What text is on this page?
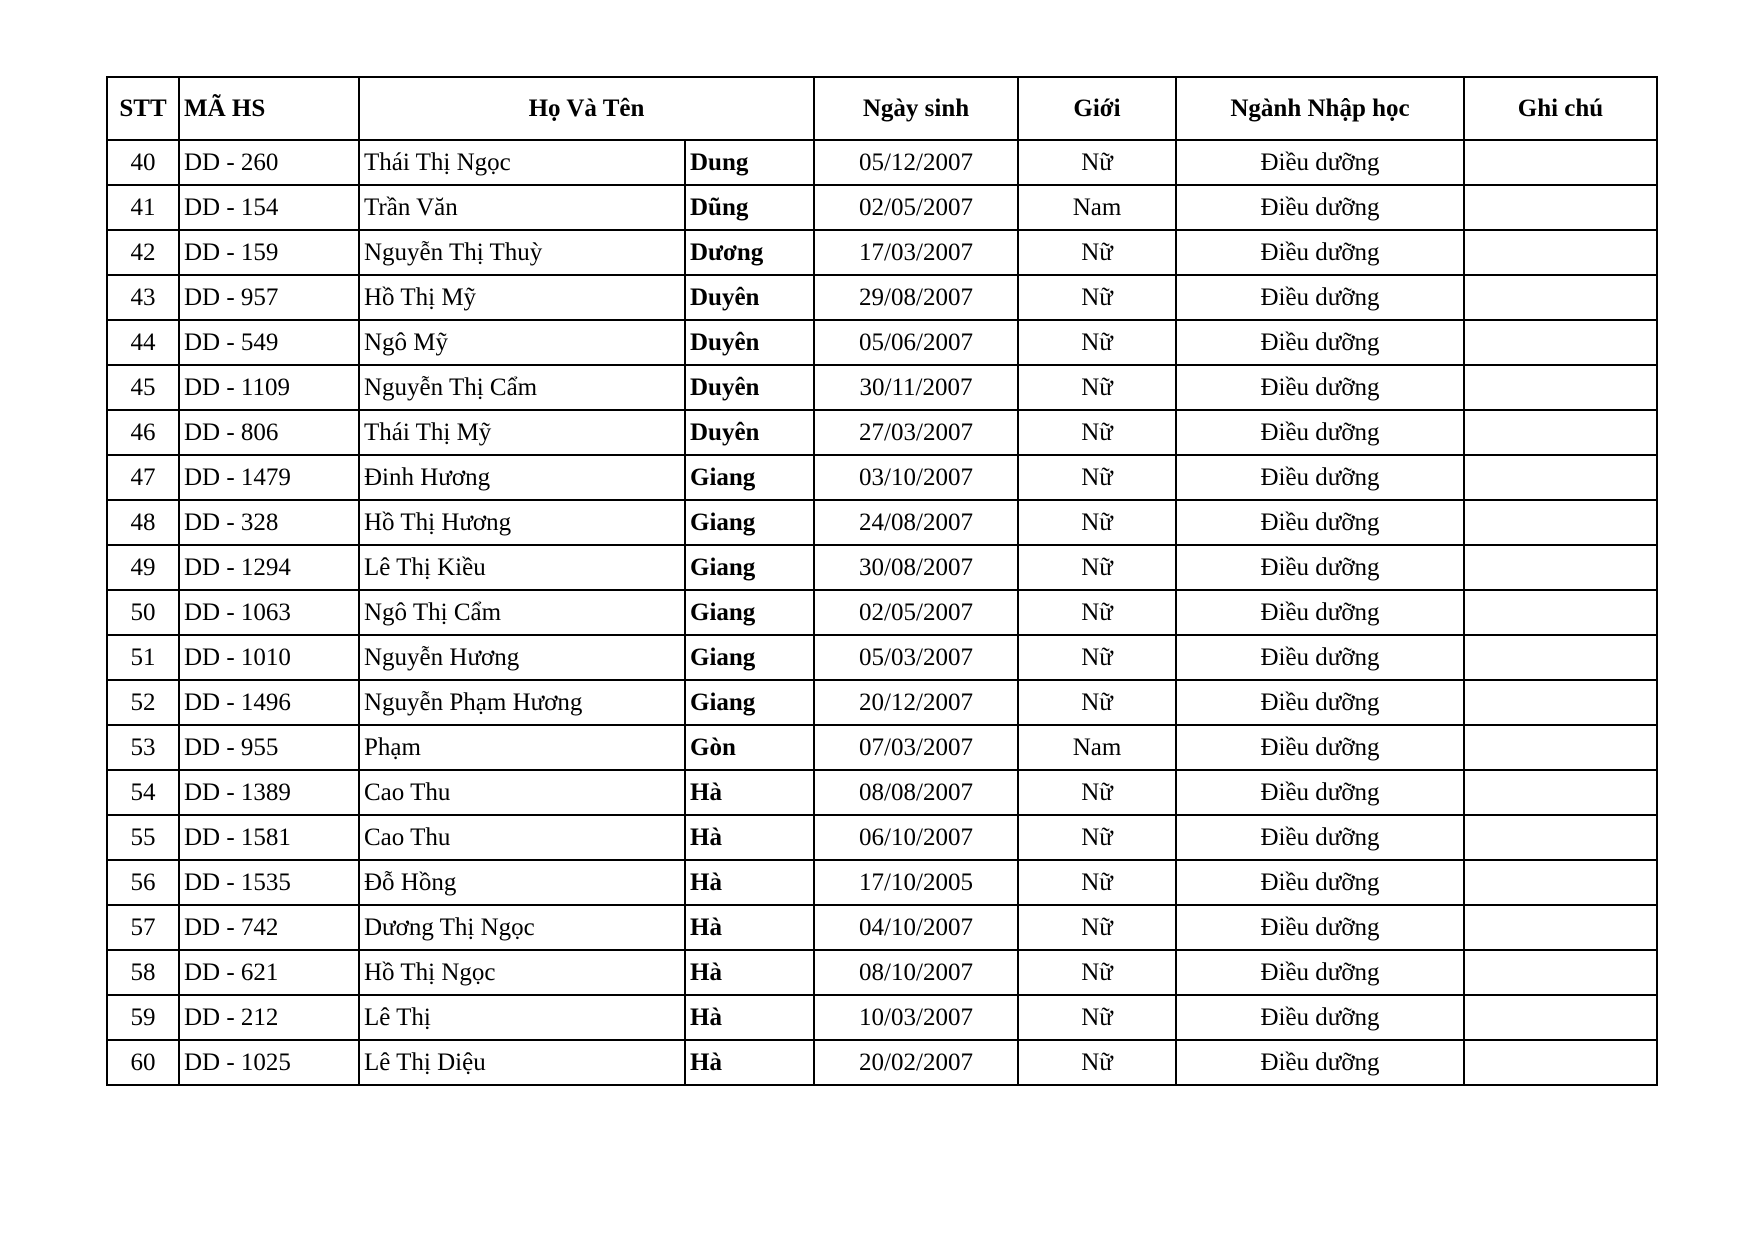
STT	MÃ HS	Họ Và Tên		Ngày sinh	Giới	Ngành Nhập học	Ghi chú
40	DD - 260	Thái Thị Ngọc	Dung	05/12/2007	Nữ	Điều dưỡng	
41	DD - 154	Trần Văn	Dũng	02/05/2007	Nam	Điều dưỡng	
42	DD - 159	Nguyễn Thị Thuỳ	Dương	17/03/2007	Nữ	Điều dưỡng	
43	DD - 957	Hồ Thị Mỹ	Duyên	29/08/2007	Nữ	Điều dưỡng	
44	DD - 549	Ngô Mỹ	Duyên	05/06/2007	Nữ	Điều dưỡng	
45	DD - 1109	Nguyễn Thị Cẩm	Duyên	30/11/2007	Nữ	Điều dưỡng	
46	DD - 806	Thái Thị Mỹ	Duyên	27/03/2007	Nữ	Điều dưỡng	
47	DD - 1479	Đinh Hương	Giang	03/10/2007	Nữ	Điều dưỡng	
48	DD - 328	Hồ Thị Hương	Giang	24/08/2007	Nữ	Điều dưỡng	
49	DD - 1294	Lê Thị Kiều	Giang	30/08/2007	Nữ	Điều dưỡng	
50	DD - 1063	Ngô Thị Cẩm	Giang	02/05/2007	Nữ	Điều dưỡng	
51	DD - 1010	Nguyễn Hương	Giang	05/03/2007	Nữ	Điều dưỡng	
52	DD - 1496	Nguyễn Phạm Hương	Giang	20/12/2007	Nữ	Điều dưỡng	
53	DD - 955	Phạm	Gòn	07/03/2007	Nam	Điều dưỡng	
54	DD - 1389	Cao Thu	Hà	08/08/2007	Nữ	Điều dưỡng	
55	DD - 1581	Cao Thu	Hà	06/10/2007	Nữ	Điều dưỡng	
56	DD - 1535	Đỗ Hồng	Hà	17/10/2005	Nữ	Điều dưỡng	
57	DD - 742	Dương Thị Ngọc	Hà	04/10/2007	Nữ	Điều dưỡng	
58	DD - 621	Hồ Thị Ngọc	Hà	08/10/2007	Nữ	Điều dưỡng	
59	DD - 212	Lê Thị	Hà	10/03/2007	Nữ	Điều dưỡng	
60	DD - 1025	Lê Thị Diệu	Hà	20/02/2007	Nữ	Điều dưỡng	
